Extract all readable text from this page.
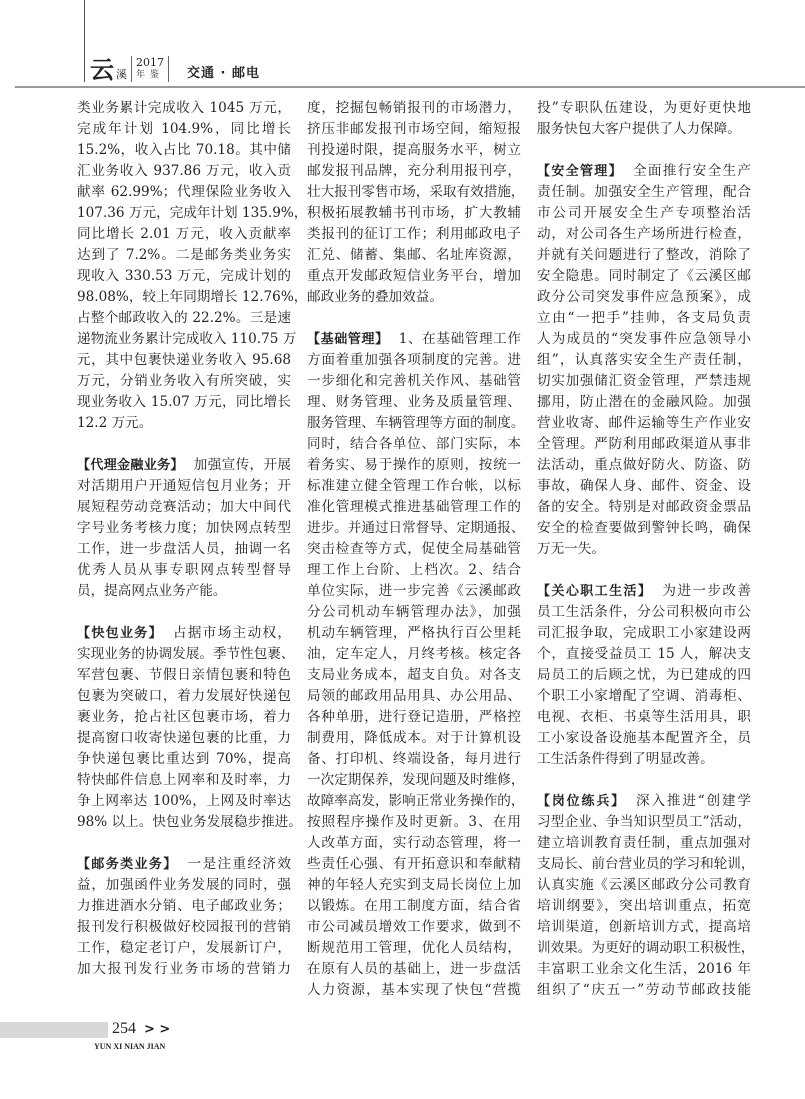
云 溪
2017
年鉴 交通 · 邮电
类业务累计完成收入 1045 万元，
完成年计划 104.9%，同比增长
15.2%，收入占比 70.18。其中储
汇业务收入 937.86 万元，收入贡
献率 62.99%；代理保险业务收入
107.36 万元，完成年计划 135.9%，
同比增长 2.01 万元，收入贡献率
达到了 7.2%。二是邮务类业务实
现收入 330.53 万元，完成计划的
98.08%，较上年同期增长 12.76%，
占整个邮政收入的 22.2%。三是速
递物流业务累计完成收入 110.75 万
元，其中包裹快递业务收入 95.68
万元，分销业务收入有所突破，实
现业务收入 15.07 万元，同比增长
12.2 万元。
【代理金融业务】 加强宣传，开展
对活期用户开通短信包月业务；开
展短程劳动竞赛活动；加大中间代
字号业务考核力度；加快网点转型
工作，进一步盘活人员，抽调一名
优秀人员从事专职网点转型督导
员，提高网点业务产能。
【快包业务】 占据市场主动权，
实现业务的协调发展。季节性包裹、
军营包裹、节假日亲情包裹和特色
包裹为突破口，着力发展好快递包
裹业务，抢占社区包裹市场，着力
提高窗口收寄快递包裹的比重，力
争快递包裹比重达到 70%，提高
特快邮件信息上网率和及时率，力
争上网率达 100%，上网及时率达
98% 以上。快包业务发展稳步推进。
【邮务类业务】 一是注重经济效
益，加强函件业务发展的同时，强
力推进酒水分销、电子邮政业务；
报刊发行积极做好校园报刊的营销
工作，稳定老订户，发展新订户，
加大报刊发行业务市场的营销力
度，挖掘包畅销报刊的市场潜力，
挤压非邮发报刊市场空间，缩短报
刊投递时限，提高服务水平，树立
邮发报刊品牌，充分利用报刊亭，
壮大报刊零售市场，采取有效措施，
积极拓展教辅书刊市场，扩大教辅
类报刊的征订工作；利用邮政电子
汇兑、储蓄、集邮、名址库资源，
重点开发邮政短信业务平台，增加
邮政业务的叠加效益。
【基础管理】 1、在基础管理工作
方面着重加强各项制度的完善。进
一步细化和完善机关作风、基础管
理、财务管理、业务及质量管理、
服务管理、车辆管理等方面的制度。
同时，结合各单位、部门实际，本
着务实、易于操作的原则，按统一
标准建立健全管理工作台帐，以标
准化管理模式推进基础管理工作的
进步。并通过日常督导、定期通报、
突击检查等方式，促使全局基础管
理工作上台阶、上档次。2、结合
单位实际，进一步完善《云溪邮政
分公司机动车辆管理办法》，加强
机动车辆管理，严格执行百公里耗
油，定车定人，月终考核。核定各
支局业务成本，超支自负。对各支
局领的邮政用品用具、办公用品、
各种单册，进行登记造册，严格控
制费用，降低成本。对于计算机设
备、打印机、终端设备，每月进行
一次定期保养，发现问题及时维修，
故障率高发，影响正常业务操作的，
按照程序操作及时更新。3、在用
人改革方面，实行动态管理，将一
些责任心强、有开拓意识和奉献精
神的年轻人充实到支局长岗位上加
以锻炼。在用工制度方面，结合省
市公司减员增效工作要求，做到不
断规范用工管理，优化人员结构，
在原有人员的基础上，进一步盘活
人力资源，基本实现了快包“营揽
投”专职队伍建设，为更好更快地
服务快包大客户提供了人力保障。
【安全管理】 全面推行安全生产
责任制。加强安全生产管理，配合
市公司开展安全生产专项整治活
动，对公司各生产场所进行检查，
并就有关问题进行了整改，消除了
安全隐患。同时制定了《云溪区邮
政分公司突发事件应急预案》，成
立由“一把手”挂帅，各支局负责
人为成员的“突发事件应急领导小
组”，认真落实安全生产责任制，
切实加强储汇资金管理，严禁违规
挪用，防止潜在的金融风险。加强
营业收寄、邮件运输等生产作业安
全管理。严防利用邮政渠道从事非
法活动，重点做好防火、防盗、防
事故，确保人身、邮件、资金、设
备的安全。特别是对邮政资金票品
安全的检查要做到警钟长鸣，确保
万无一失。
【关心职工生活】 为进一步改善
员工生活条件，分公司积极向市公
司汇报争取，完成职工小家建设两
个，直接受益员工 15 人，解决支
局员工的后顾之忧，为已建成的四
个职工小家增配了空调、消毒柜、
电视、衣柜、书桌等生活用具，职
工小家设备设施基本配置齐全，员
工生活条件得到了明显改善。
【岗位练兵】 深入推进“创建学
习型企业、争当知识型员工”活动，
建立培训教育责任制，重点加强对
支局长、前台营业员的学习和轮训，
认真实施《云溪区邮政分公司教育
培训纲要》，突出培训重点，拓宽
培训渠道，创新培训方式，提高培
训效果。为更好的调动职工积极性，
丰富职工业余文化生活，2016 年
组织了“庆五一”劳动节邮政技能
254 > >
YUN XI NIAN JIAN
